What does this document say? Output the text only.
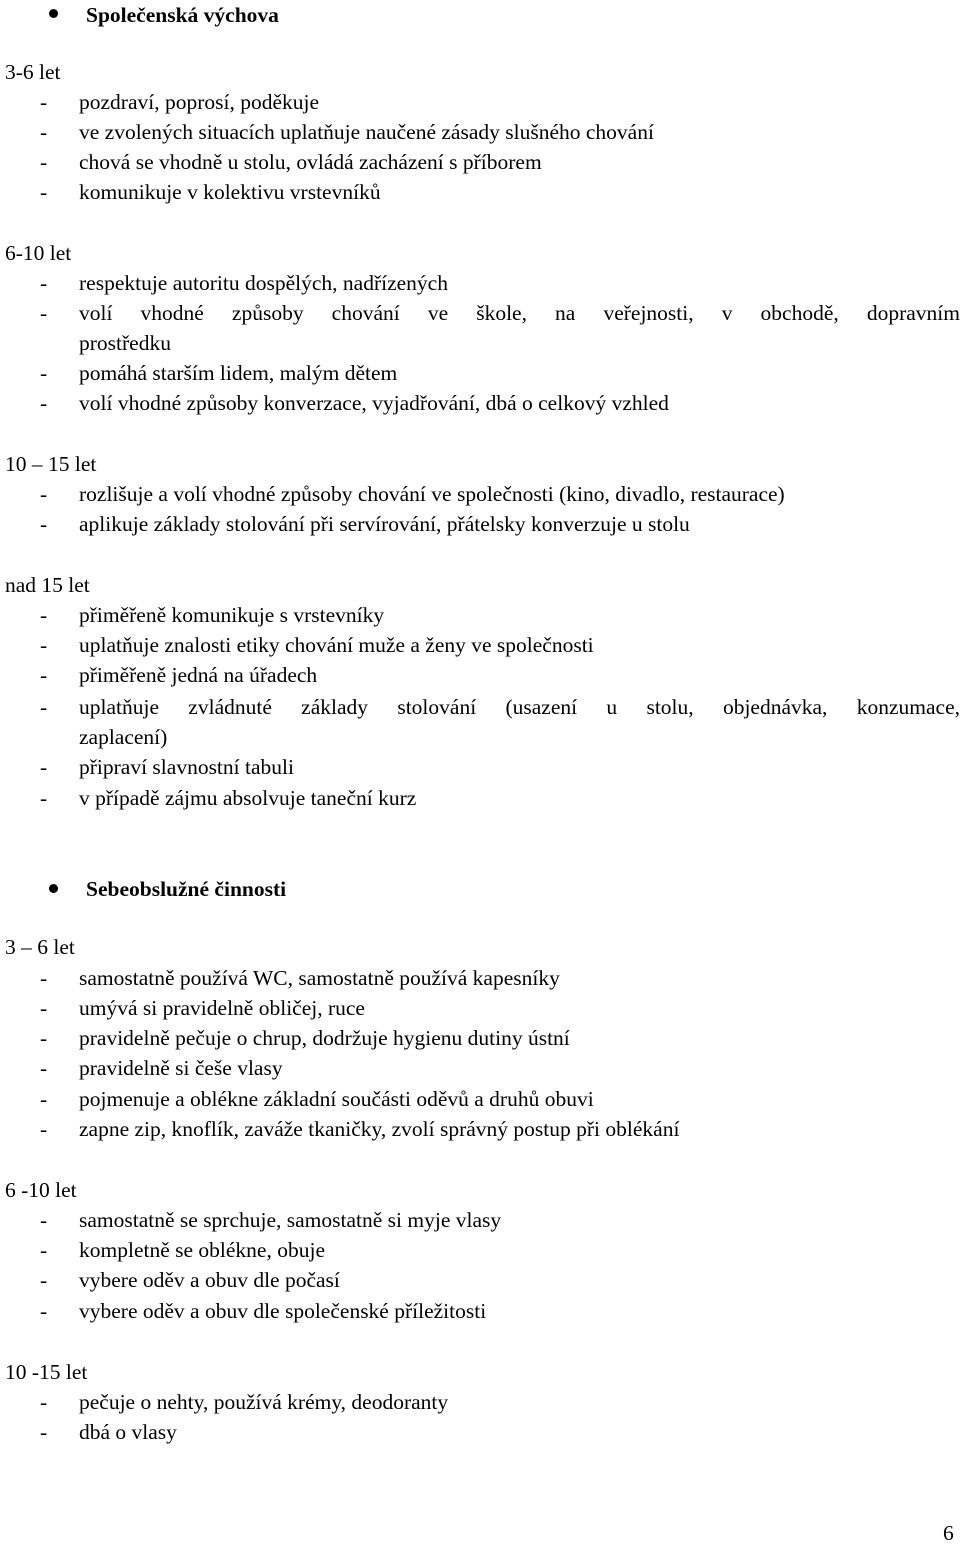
Společenská výchova
3-6 let
- pozdraví, poprosí, poděkuje
- ve zvolených situacích uplatňuje naučené zásady slušného chování
- chová se vhodně u stolu, ovládá zacházení s příborem
- komunikuje v kolektivu vrstevníků
6-10 let
- respektuje autoritu dospělých, nadřízených
- volí vhodné způsoby chování ve škole, na veřejnosti, v obchodě, dopravním
prostředku
- pomáhá starším lidem, malým dětem
- volí vhodné způsoby konverzace, vyjadřování, dbá o celkový vzhled
10 – 15 let
- rozlišuje a volí vhodné způsoby chování ve společnosti (kino, divadlo, restaurace)
- aplikuje základy stolování při servírování, přátelsky konverzuje u stolu
nad 15 let
- přiměřeně komunikuje s vrstevníky
- uplatňuje znalosti etiky chování muže a ženy ve společnosti
- přiměřeně jedná na úřadech
- uplatňuje zvládnuté základy stolování (usazení u stolu, objednávka, konzumace,
zaplacení)
- připraví slavnostní tabuli
- v případě zájmu absolvuje taneční kurz
Sebeobslužné činnosti
3 – 6 let
- samostatně používá WC, samostatně používá kapesníky
- umývá si pravidelně obličej, ruce
- pravidelně pečuje o chrup, dodržuje hygienu dutiny ústní
- pravidelně si češe vlasy
- pojmenuje a oblékne základní součásti oděvů a druhů obuvi
- zapne zip, knoflík, zaváže tkaničky, zvolí správný postup při oblékání
6 -10 let
- samostatně se sprchuje, samostatně si myje vlasy
- kompletně se oblékne, obuje
- vybere oděv a obuv dle počasí
- vybere oděv a obuv dle společenské příležitosti
10 -15 let
- pečuje o nehty, používá krémy, deodoranty
- dbá o vlasy
6
